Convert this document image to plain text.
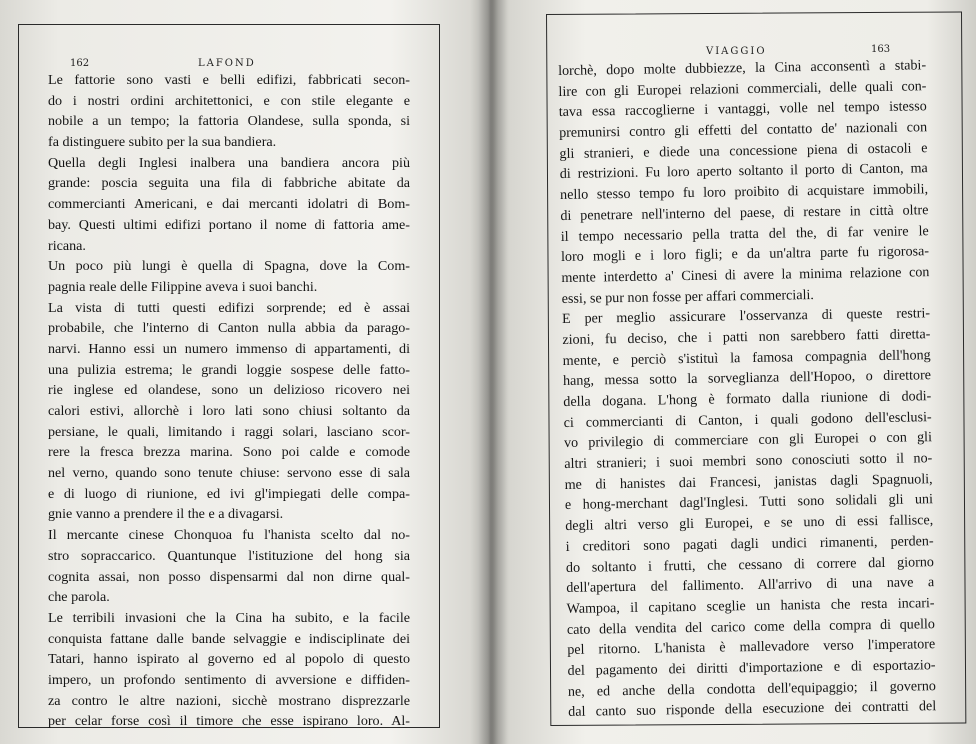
162	LAFOND
Le fattorie sono vasti e belli edifizi, fabbricati secon-
do i nostri ordini architettonici, e con stile elegante e
nobile a un tempo; la fattoria Olandese, sulla sponda, si
fa distinguere subito per la sua bandiera.
Quella degli Inglesi inalbera una bandiera ancora più
grande: poscia seguita una fila di fabbriche abitate da
commercianti Americani, e dai mercanti idolatri di Bom-
bay. Questi ultimi edifizi portano il nome di fattoria ame-
ricana.
Un poco più lungi è quella di Spagna, dove la Com-
pagnia reale delle Filippine aveva i suoi banchi.
La vista di tutti questi edifizi sorprende; ed è assai
probabile, che l'interno di Canton nulla abbia da parago-
narvi. Hanno essi un numero immenso di appartamenti, di
una pulizia estrema; le grandi loggie sospese delle fatto-
rie inglese ed olandese, sono un delizioso ricovero nei
calori estivi, allorchè i loro lati sono chiusi soltanto da
persiane, le quali, limitando i raggi solari, lasciano scor-
rere la fresca brezza marina. Sono poi calde e comode
nel verno, quando sono tenute chiuse: servono esse di sala
e di luogo di riunione, ed ivi gl'impiegati delle compa-
gnie vanno a prendere il the e a divagarsi.
Il mercante cinese Chonquoa fu l'hanista scelto dal no-
stro sopraccarico. Quantunque l'istituzione del hong sia
cognita assai, non posso dispensarmi dal non dirne qual-
che parola.
Le terribili invasioni che la Cina ha subito, e la facile
conquista fattane dalle bande selvaggie e indisciplinate dei
Tatari, hanno ispirato al governo ed al popolo di questo
impero, un profondo sentimento di avversione e diffiden-
za contro le altre nazioni, sicchè mostrano disprezzarle
per celar forse così il timore che esse ispirano loro. Al-
VIAGGIO	163
lorchè, dopo molte dubbiezze, la Cina acconsentì a stabi-
lire con gli Europei relazioni commerciali, delle quali con-
tava essa raccoglierne i vantaggi, volle nel tempo istesso
premunirsi contro gli effetti del contatto de' nazionali con
gli stranieri, e diede una concessione piena di ostacoli e
di restrizioni. Fu loro aperto soltanto il porto di Canton, ma
nello stesso tempo fu loro proibito di acquistare immobili,
di penetrare nell'interno del paese, di restare in città oltre
il tempo necessario pella tratta del the, di far venire le
loro mogli e i loro figli; e da un'altra parte fu rigorosa-
mente interdetto a' Cinesi di avere la minima relazione con
essi, se pur non fosse per affari commerciali.
E per meglio assicurare l'osservanza di queste restri-
zioni, fu deciso, che i patti non sarebbero fatti diretta-
mente, e perciò s'istituì la famosa compagnia dell'hong
hang, messa sotto la sorveglianza dell'Hopoo, o direttore
della dogana. L'hong è formato dalla riunione di dodi-
ci commercianti di Canton, i quali godono dell'esclusi-
vo privilegio di commerciare con gli Europei o con gli
altri stranieri; i suoi membri sono conosciuti sotto il no-
me di hanistes dai Francesi, janistas dagli Spagnuoli,
e hong-merchant dagl'Inglesi. Tutti sono solidali gli uni
degli altri verso gli Europei, e se uno di essi fallisce,
i creditori sono pagati dagli undici rimanenti, perden-
do soltanto i frutti, che cessano di correre dal giorno
dell'apertura del fallimento. All'arrivo di una nave a
Wampoa, il capitano sceglie un hanista che resta incari-
cato della vendita del carico come della compra di quello
pel ritorno. L'hanista è mallevadore verso l'imperatore
del pagamento dei diritti d'importazione e di esportazio-
ne, ed anche della condotta dell'equipaggio; il governo
dal canto suo risponde della esecuzione dei contratti del
